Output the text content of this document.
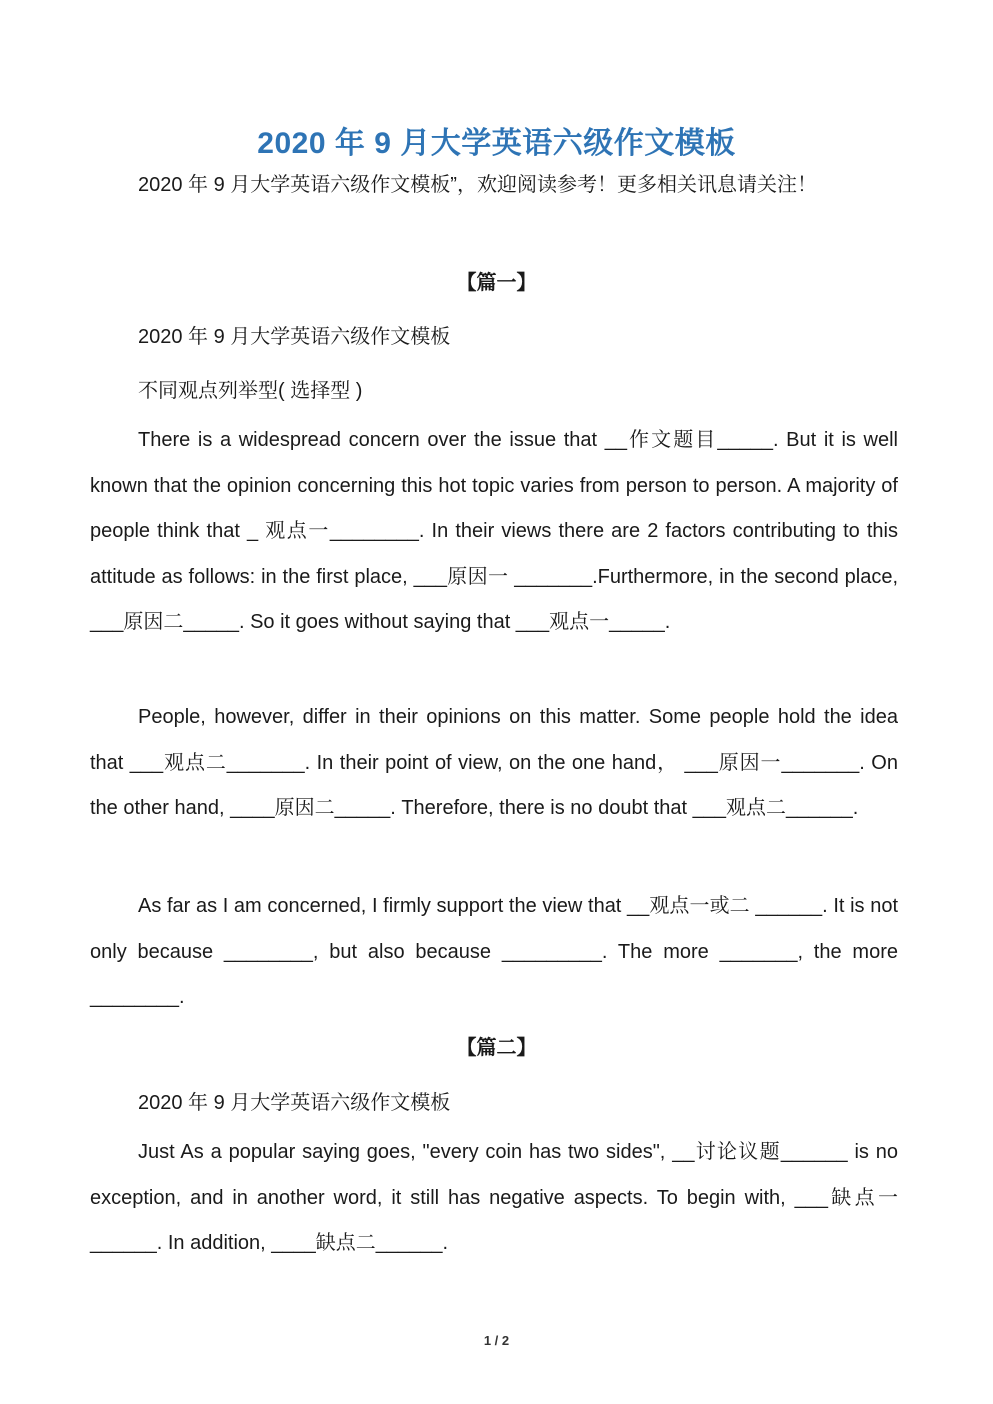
2020 年 9 月大学英语六级作文模板
2020 年 9 月大学英语六级作文模板”，欢迎阅读参考！更多相关讯息请关注！
【篇一】
2020 年 9 月大学英语六级作文模板
不同观点列举型( 选择型 )

There is a widespread concern over the issue that __作文题目_____. But it is well known that the opinion concerning this hot topic varies from person to person. A majority of people think that _ 观点一________. In their views there are 2 factors contributing to this attitude as follows: in the first place, ___原因一 _______.Furthermore, in the second place, ___原因二_____. So it goes without saying that ___观点一_____.

People, however, differ in their opinions on this matter. Some people hold the idea that ___观点二_______. In their point of view, on the one hand， ___原因一_______. On the other hand, ____原因二_____. Therefore, there is no doubt that ___观点二______.

As far as I am concerned, I firmly support the view that __观点一或二 ______. It is not only because ________, but also because _________. The more _______, the more ________.

【篇二】
2020 年 9 月大学英语六级作文模板

Just As a popular saying goes, "every coin has two sides", __讨论议题______ is no exception, and in another word, it still has negative aspects. To begin with, ___缺点一______. In addition, ____缺点二______.

1 / 2
